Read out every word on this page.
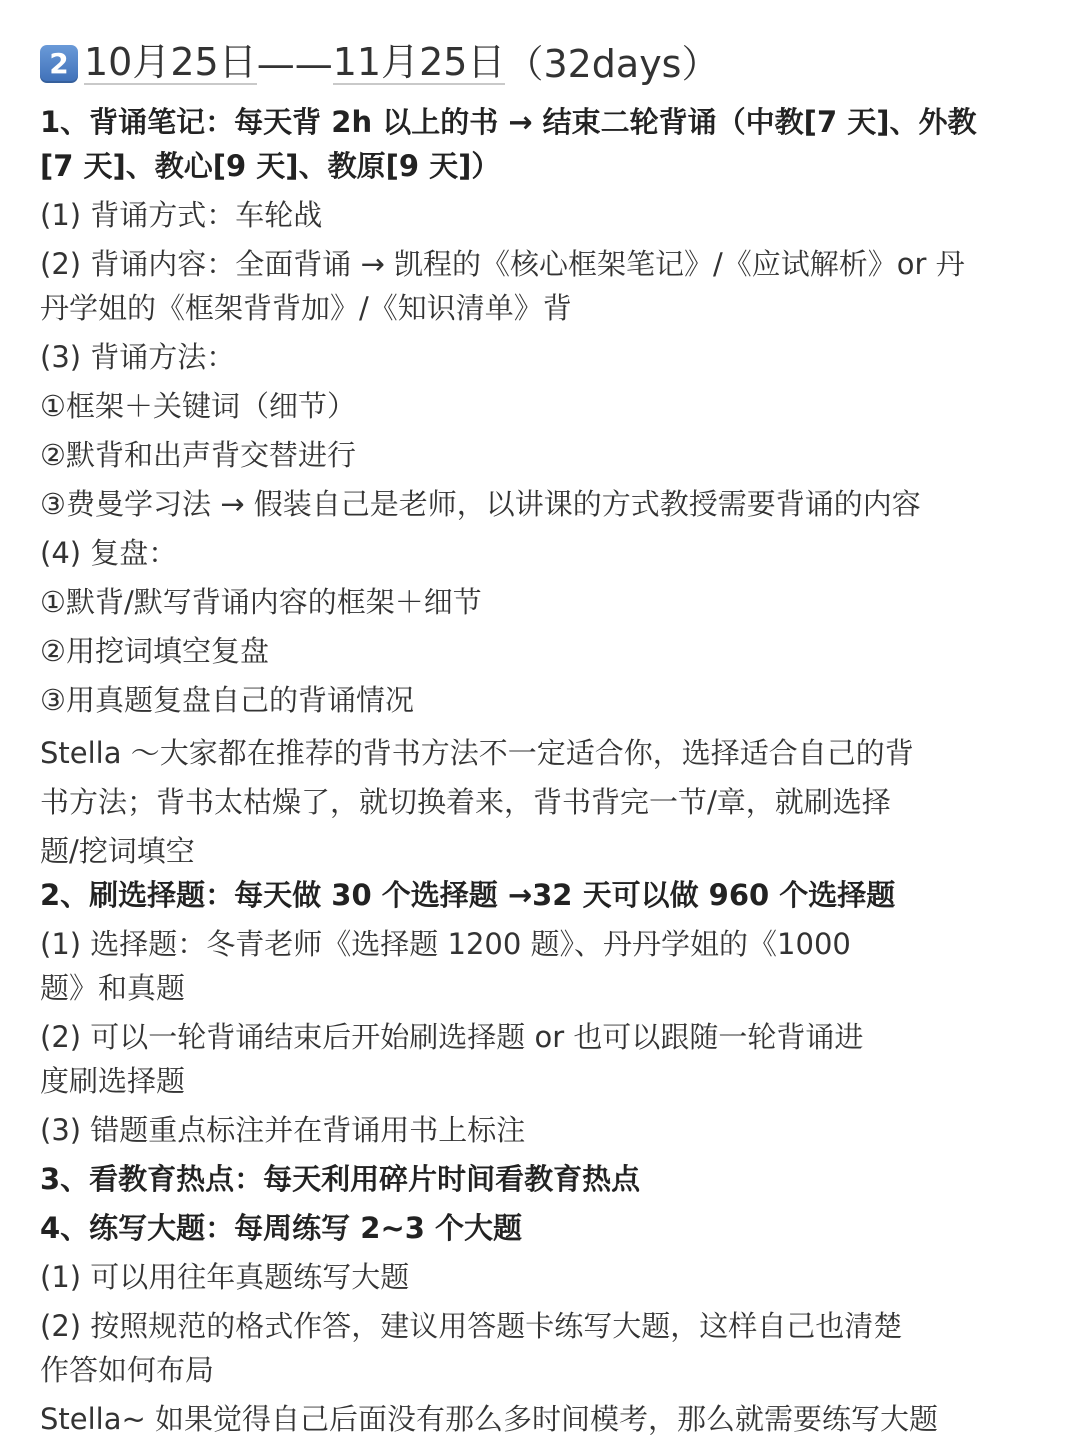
2 10月25日 —— 11月25日 （32days）
1、背诵笔记：每天背 2h 以上的书 → 结束二轮背诵（中教[7 天]、外教
[7 天]、教心[9 天]、教原[9 天]）
(1) 背诵方式：车轮战
(2) 背诵内容：全面背诵 → 凯程的《核心框架笔记》/《应试解析》or 丹
丹学姐的《框架背背加》/《知识清单》背
(3) 背诵方法：
①框架＋关键词（细节）
②默背和出声背交替进行
③费曼学习法 → 假装自己是老师，以讲课的方式教授需要背诵的内容
(4) 复盘：
①默背/默写背诵内容的框架＋细节
②用挖词填空复盘
③用真题复盘自己的背诵情况
Stella ～大家都在推荐的背书方法不一定适合你，选择适合自己的背
书方法；背书太枯燥了，就切换着来，背书背完一节/章，就刷选择
题/挖词填空
2、刷选择题：每天做 30 个选择题 →32 天可以做 960 个选择题
(1) 选择题：冬青老师《选择题 1200 题》、丹丹学姐的《1000
题》和真题
(2) 可以一轮背诵结束后开始刷选择题 or 也可以跟随一轮背诵进
度刷选择题
(3) 错题重点标注并在背诵用书上标注
3、看教育热点：每天利用碎片时间看教育热点
4、练写大题：每周练写 2~3 个大题
(1) 可以用往年真题练写大题
(2) 按照规范的格式作答，建议用答题卡练写大题，这样自己也清楚
作答如何布局
Stella~ 如果觉得自己后面没有那么多时间模考，那么就需要练写大题
